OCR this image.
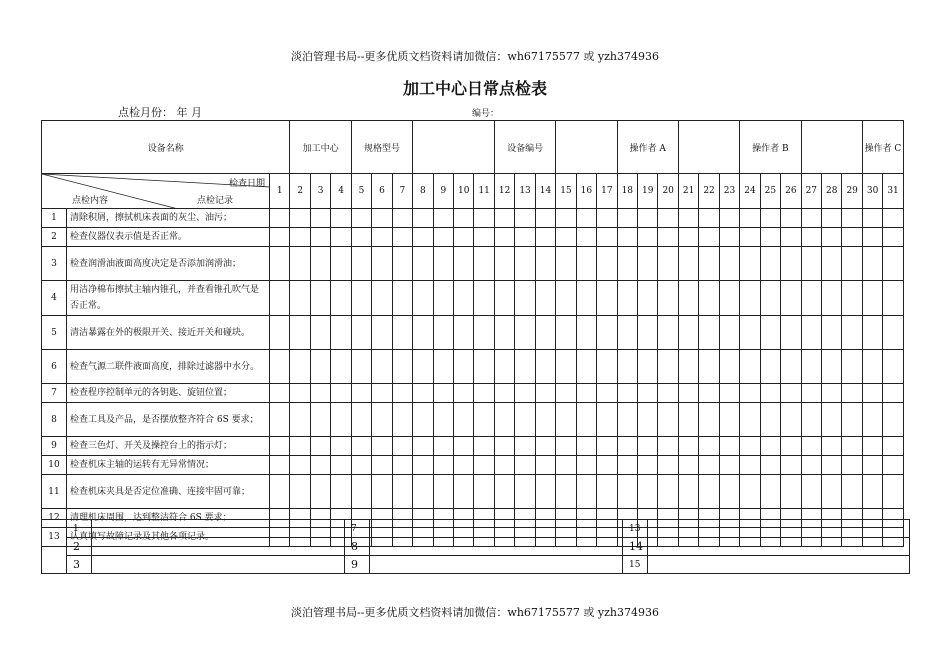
淡泊管理书局--更多优质文档资料请加微信：wh67175577 或 yzh374936
加工中心日常点检表
点检月份： 年 月	编号：
设备名称			加工中心			规格型号							设备编号						操作者 A						操作者 B						操作者 C			

检查日期
点检内容 点检记录		1	2	3	4	5	6	7	8	9	10	11	12	13	14	15	16	17	18	19	20	21	22	23	24	25	26	27	28	29	30	31	
1	清除积屑，擦拭机床表面的灰尘、油污；																																
2	检查仪器仪表示值是否正常。																																
3	检查润滑油液面高度决定是否添加润滑油；																																
4	用洁净棉布擦拭主轴内锥孔，并查看锥孔吹气是否正常。																																
5	清洁暴露在外的极限开关、接近开关和碰块。																																
6	检查气源二联件液面高度，排除过滤器中水分。																																
7	检查程序控制单元的各钥匙、旋钮位置；																																
8	检查工具及产品，是否摆放整齐符合 6S 要求；																																
9	检查三色灯、开关及操控台上的指示灯；																																
10	检查机床主轴的运转有无异常情况；																																
11	检查机床夹具是否定位准确、连接牢固可靠；																																
12	清理机床周围，达到整洁符合 6S 要求；																																
13	认真填写故障记录及其他各项记录。																																
	1		7		13	
	2		8		14	
	3		9		15	
淡泊管理书局--更多优质文档资料请加微信：wh67175577 或 yzh374936
